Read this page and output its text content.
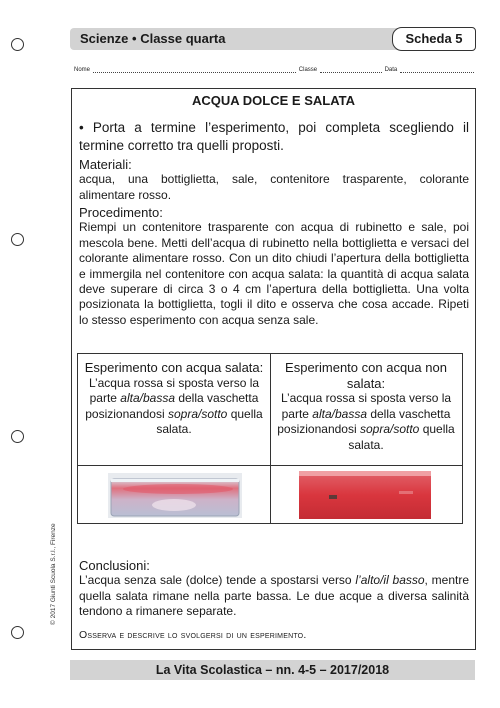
Scienze • Classe quarta	Scheda 5
Nome	Classe	Data
ACQUA DOLCE E SALATA
• Porta a termine l’esperimento, poi completa scegliendo il termine corretto tra quelli proposti.
Materiali:
acqua, una bottiglietta, sale, contenitore trasparente, colorante alimentare rosso.
Procedimento:
Riempi un contenitore trasparente con acqua di rubinetto e sale, poi mescola bene. Metti dell’acqua di rubinetto nella bottiglietta e versaci del colorante alimentare rosso. Con un dito chiudi l’apertura della bottiglietta e immergila nel contenitore con acqua salata: la quantità di acqua salata deve superare di circa 3 o 4 cm l’apertura della bottiglietta. Una volta posizionata la bottiglietta, togli il dito e osserva che cosa accade. Ripeti lo stesso esperimento con acqua senza sale.
Esperimento con acqua salata:
L’acqua rossa si sposta verso la parte alta/bassa della vaschetta posizionandosi sopra/sotto quella salata.
Esperimento con acqua non salata:
L’acqua rossa si sposta verso la parte alta/bassa della vaschetta posizionandosi sopra/sotto quella salata.
Conclusioni:
L’acqua senza sale (dolce) tende a spostarsi verso l’alto/il basso, mentre quella salata rimane nella parte bassa. Le due acque a diversa salinità tendono a rimanere separate.
Osserva e descrive lo svolgersi di un esperimento.
© 2017 Giunti Scuola S.r.l., Firenze
La Vita Scolastica – nn. 4-5 – 2017/2018
